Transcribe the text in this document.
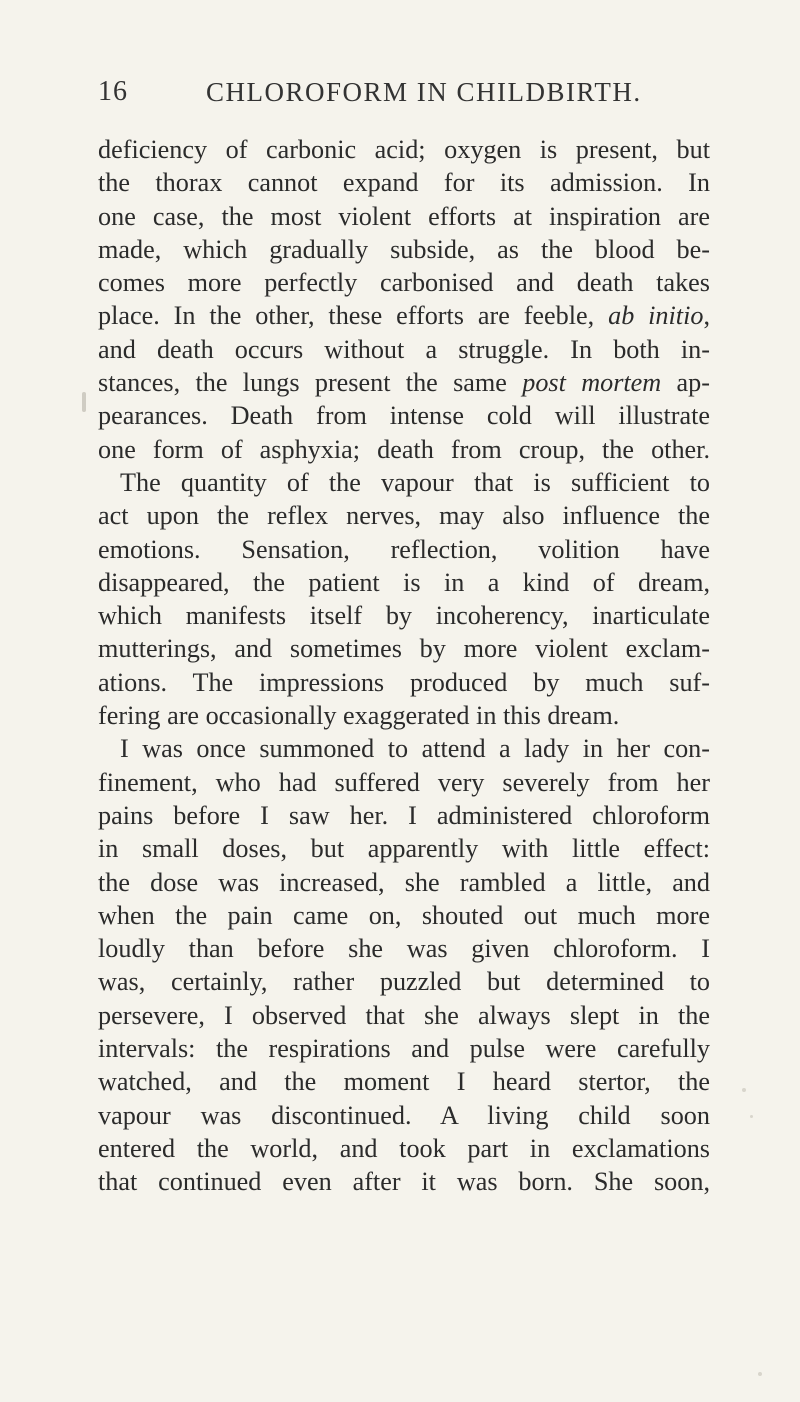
16	CHLOROFORM IN CHILDBIRTH.
deficiency of carbonic acid; oxygen is present, but
the thorax cannot expand for its admission. In
one case, the most violent efforts at inspiration are
made, which gradually subside, as the blood be-
comes more perfectly carbonised and death takes
place. In the other, these efforts are feeble, ab initio,
and death occurs without a struggle. In both in-
stances, the lungs present the same post mortem ap-
pearances. Death from intense cold will illustrate
one form of asphyxia; death from croup, the other.
The quantity of the vapour that is sufficient to
act upon the reflex nerves, may also influence the
emotions. Sensation, reflection, volition have
disappeared, the patient is in a kind of dream,
which manifests itself by incoherency, inarticulate
mutterings, and sometimes by more violent exclam-
ations. The impressions produced by much suf-
fering are occasionally exaggerated in this dream.
I was once summoned to attend a lady in her con-
finement, who had suffered very severely from her
pains before I saw her. I administered chloroform
in small doses, but apparently with little effect:
the dose was increased, she rambled a little, and
when the pain came on, shouted out much more
loudly than before she was given chloroform. I
was, certainly, rather puzzled but determined to
persevere, I observed that she always slept in the
intervals: the respirations and pulse were carefully
watched, and the moment I heard stertor, the
vapour was discontinued. A living child soon
entered the world, and took part in exclamations
that continued even after it was born. She soon,
